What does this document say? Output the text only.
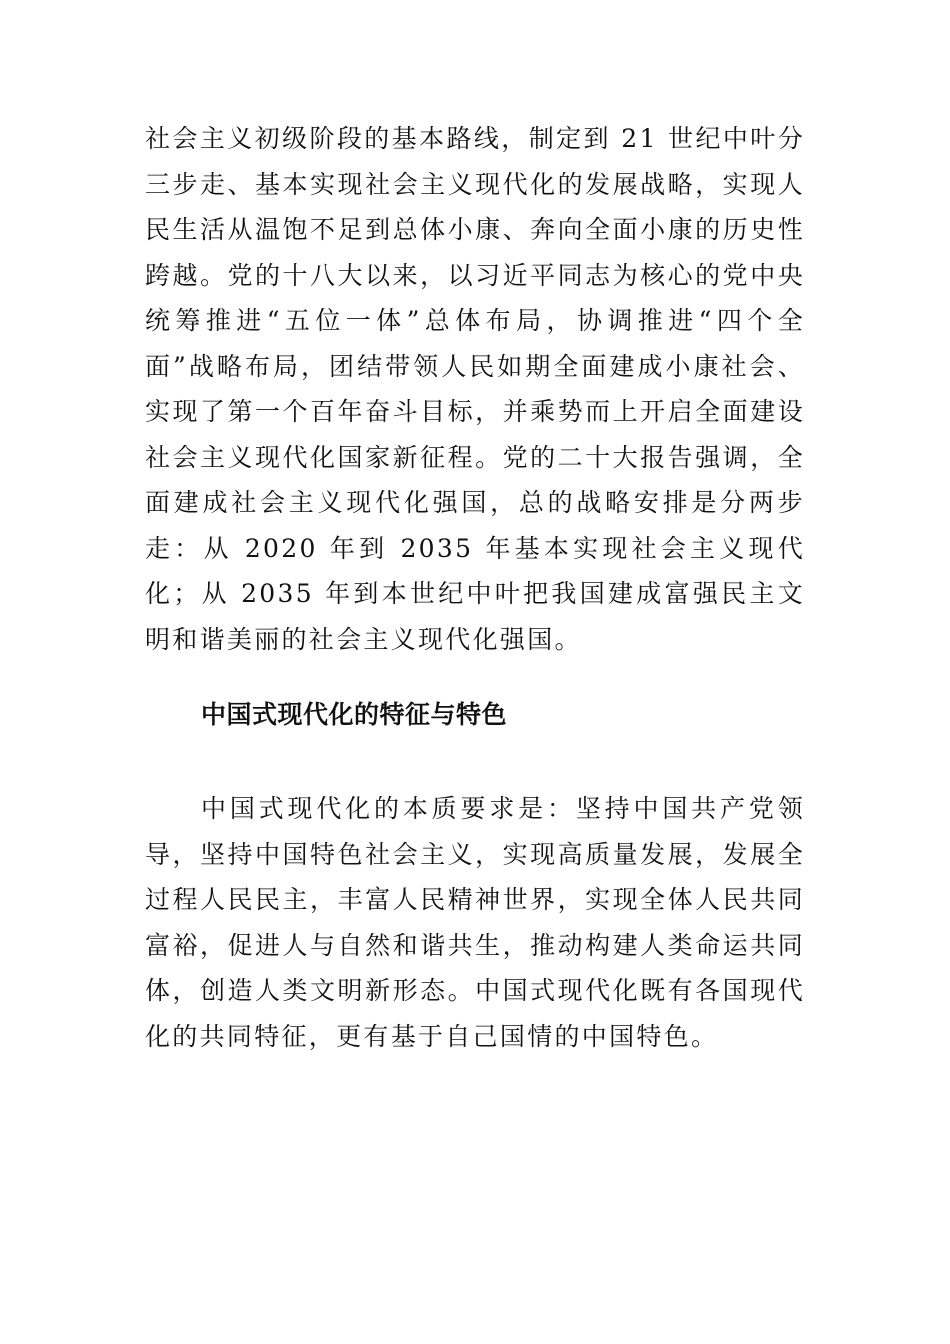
社会主义初级阶段的基本路线，制定到 21 世纪中叶分三步走、基本实现社会主义现代化的发展战略，实现人民生活从温饱不足到总体小康、奔向全面小康的历史性跨越。党的十八大以来，以习近平同志为核心的党中央统筹推进“五位一体”总体布局，协调推进“四个全面”战略布局，团结带领人民如期全面建成小康社会、实现了第一个百年奋斗目标，并乘势而上开启全面建设社会主义现代化国家新征程。党的二十大报告强调，全面建成社会主义现代化强国，总的战略安排是分两步走：从 2020 年到 2035 年基本实现社会主义现代化；从 2035 年到本世纪中叶把我国建成富强民主文明和谐美丽的社会主义现代化强国。

中国式现代化的特征与特色

中国式现代化的本质要求是：坚持中国共产党领导，坚持中国特色社会主义，实现高质量发展，发展全过程人民民主，丰富人民精神世界，实现全体人民共同富裕，促进人与自然和谐共生，推动构建人类命运共同体，创造人类文明新形态。中国式现代化既有各国现代化的共同特征，更有基于自己国情的中国特色。
